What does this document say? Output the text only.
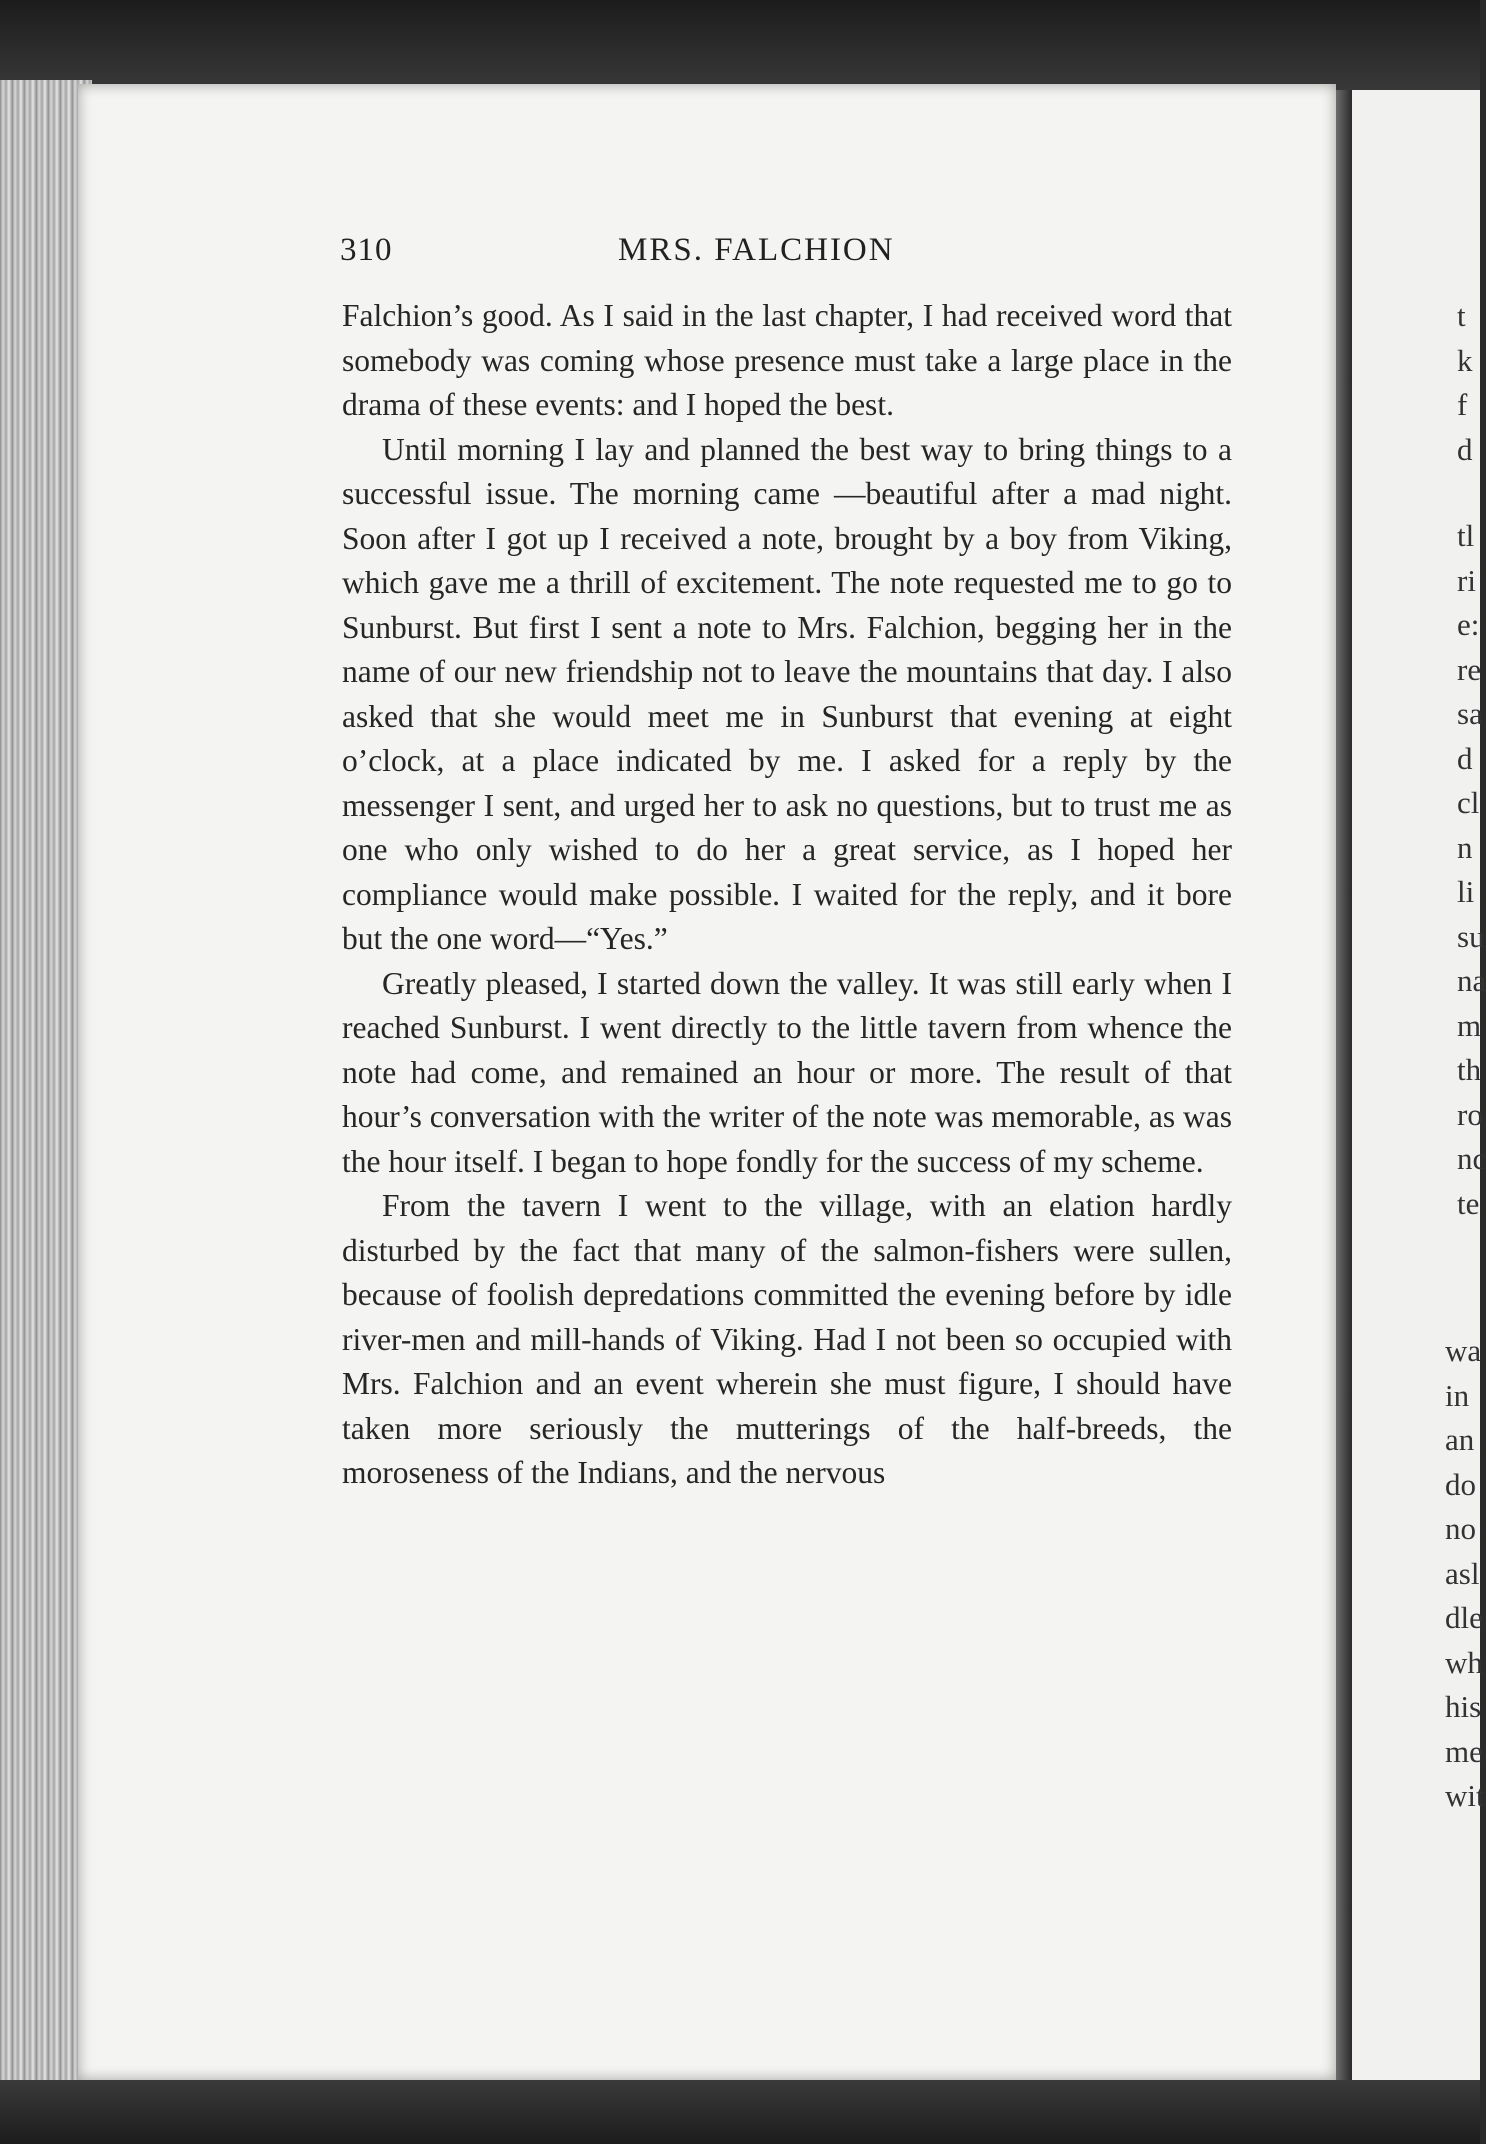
310	MRS. FALCHION

Falchion’s good. As I said in the last chapter, I had received word that somebody was coming whose presence must take a large place in the drama of these events: and I hoped the best.

Until morning I lay and planned the best way to bring things to a successful issue. The morning came —beautiful after a mad night. Soon after I got up I received a note, brought by a boy from Viking, which gave me a thrill of excitement. The note requested me to go to Sunburst. But first I sent a note to Mrs. Falchion, begging her in the name of our new friendship not to leave the mountains that day. I also asked that she would meet me in Sunburst that evening at eight o’clock, at a place indicated by me. I asked for a reply by the messenger I sent, and urged her to ask no questions, but to trust me as one who only wished to do her a great service, as I hoped her compliance would make possible. I waited for the reply, and it bore but the one word—“Yes.”

Greatly pleased, I started down the valley. It was still early when I reached Sunburst. I went directly to the little tavern from whence the note had come, and remained an hour or more. The result of that hour’s conversation with the writer of the note was memorable, as was the hour itself. I began to hope fondly for the success of my scheme.

From the tavern I went to the village, with an elation hardly disturbed by the fact that many of the salmon-fishers were sullen, because of foolish depredations committed the evening before by idle river-men and mill-hands of Viking. Had I not been so occupied with Mrs. Falchion and an event wherein she must figure, I should have taken more seriously the mutterings of the half-breeds, the moroseness of the Indians, and the nervous

t
k
f
d
tl
ri
e:
re
sa
d
cl
n
li
su
na
m
th
ro
nc
te
wa
in
an
do
no
asl
dle
wh
his
me
wit
